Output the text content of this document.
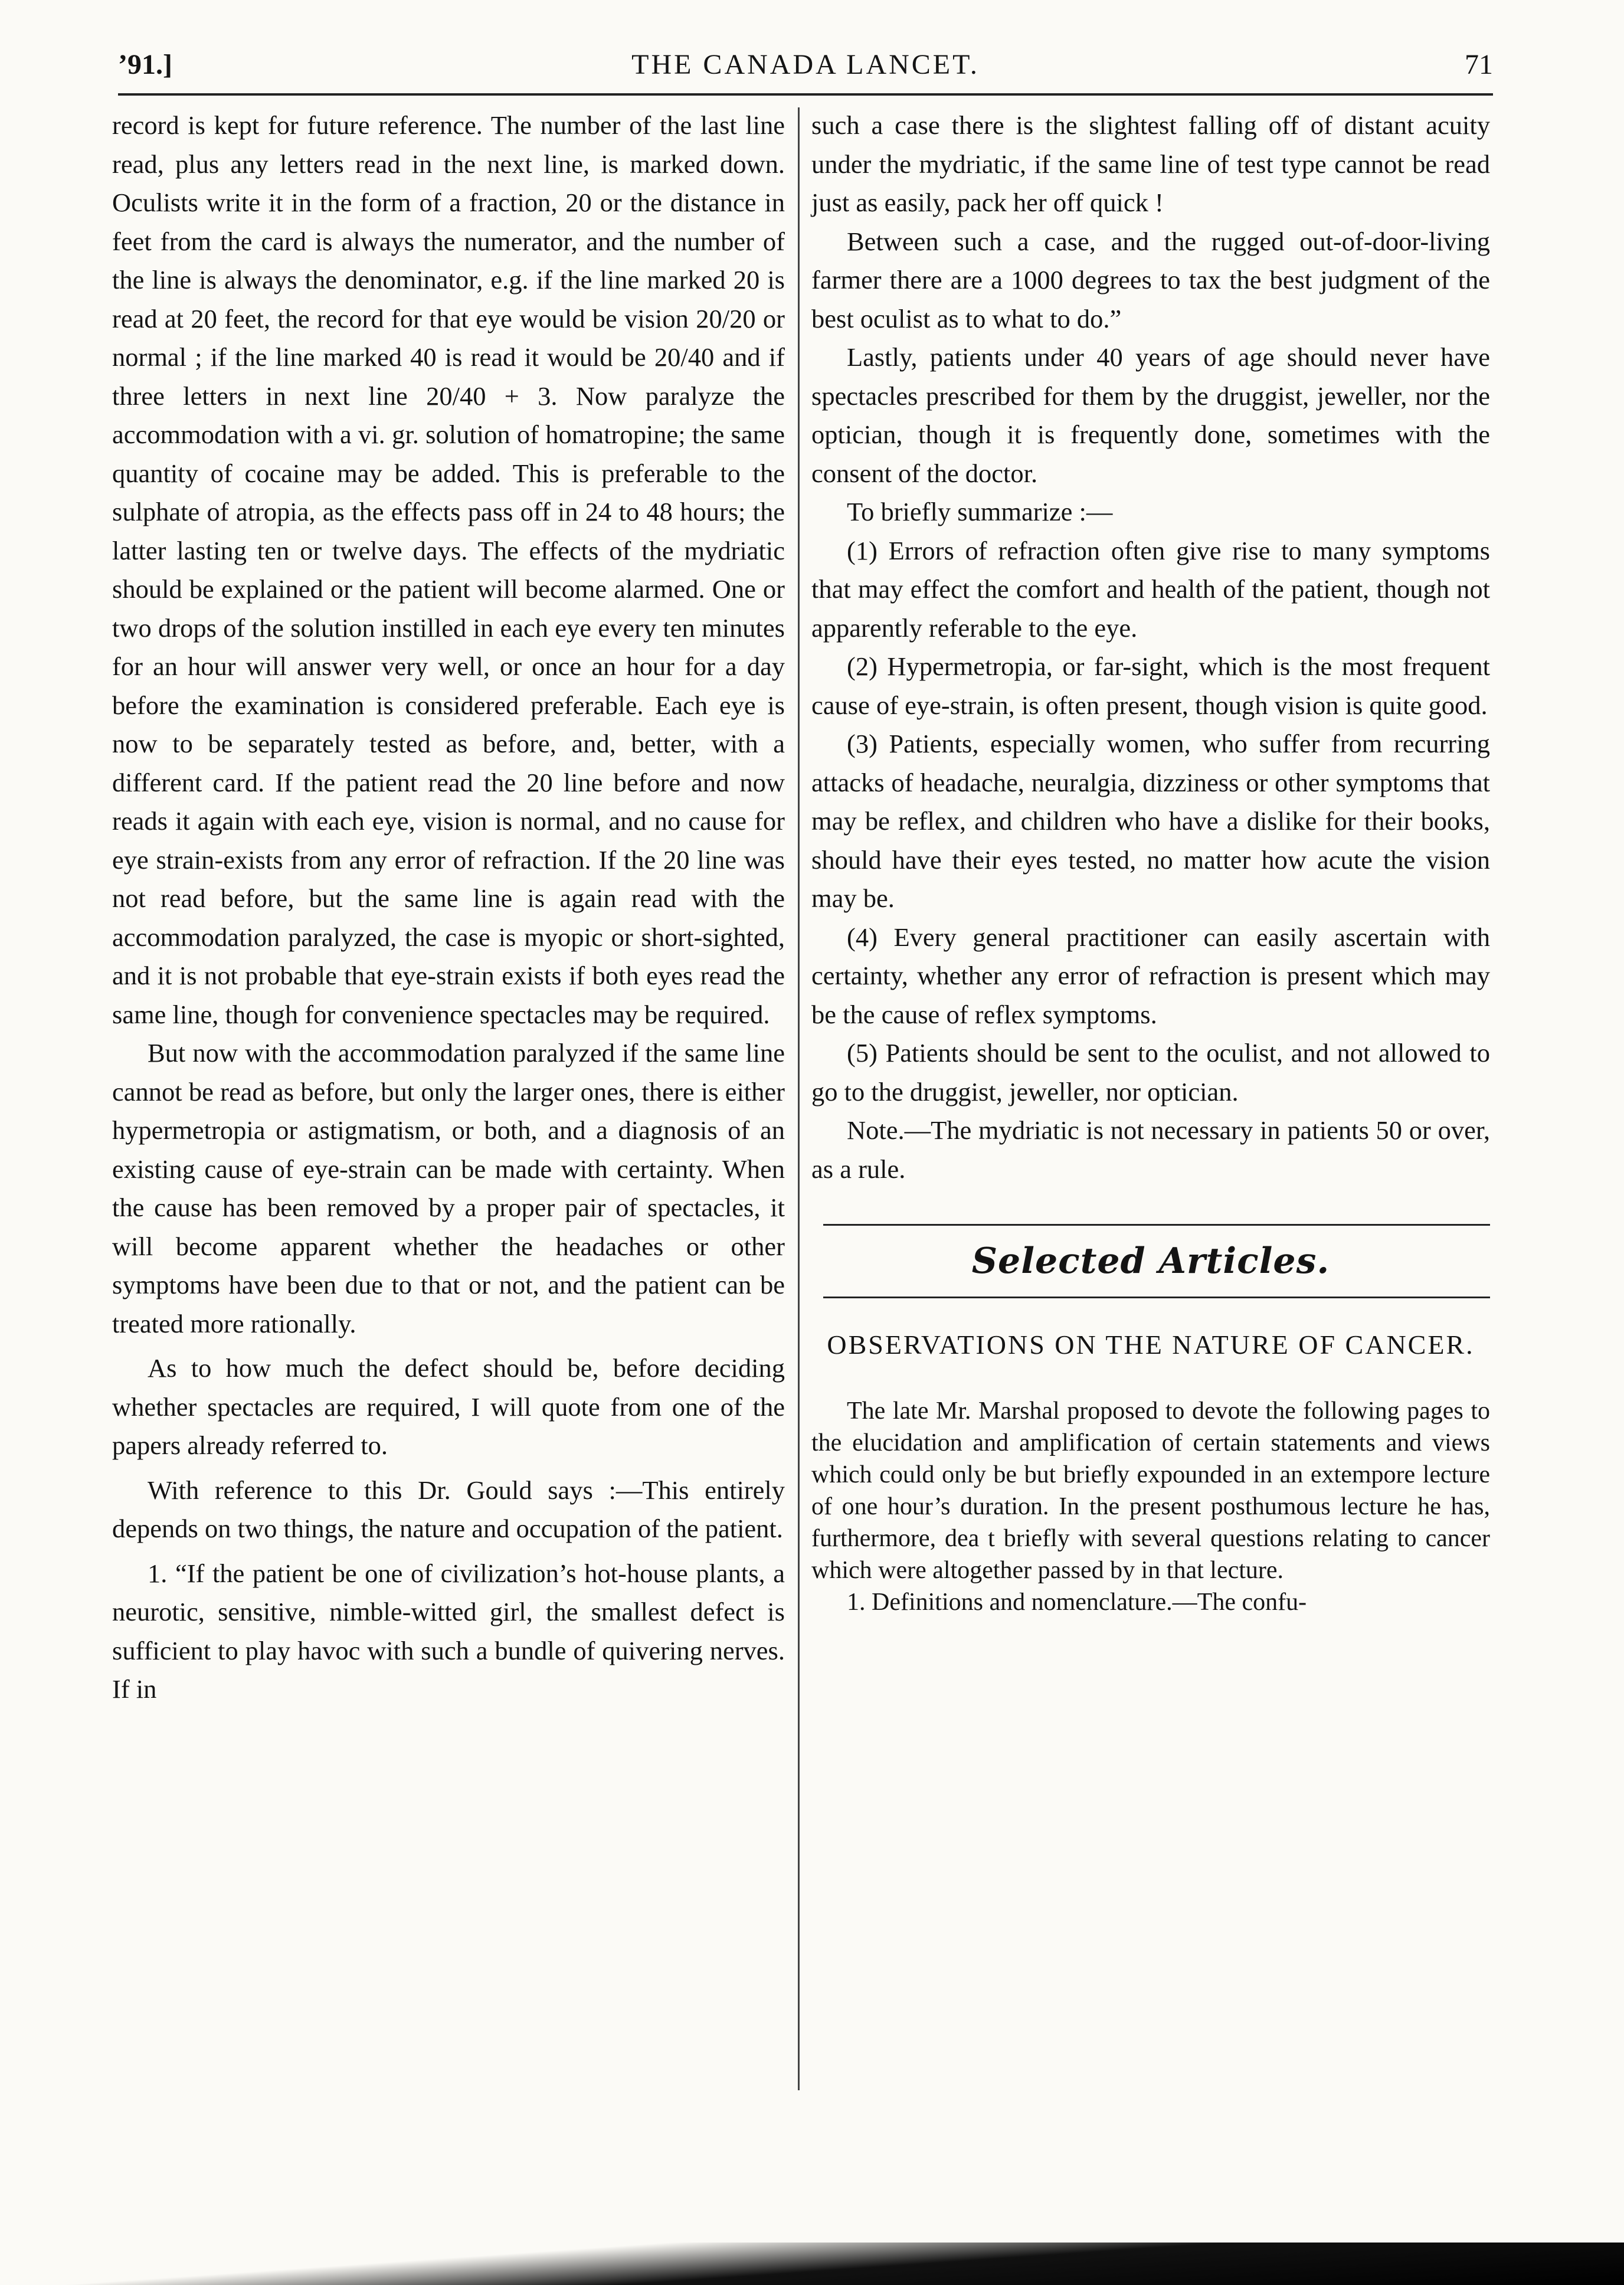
’91.]	THE CANADA LANCET.	71

record is kept for future reference. The number of the last line read, plus any letters read in the next line, is marked down. Oculists write it in the form of a fraction, 20 or the distance in feet from the card is always the numerator, and the number of the line is always the denominator, e.g. if the line marked 20 is read at 20 feet, the record for that eye would be vision 20/20 or normal ; if the line marked 40 is read it would be 20/40 and if three letters in next line 20/40 + 3. Now paralyze the accommodation with a vi. gr. solution of homatropine; the same quantity of cocaine may be added. This is preferable to the sulphate of atropia, as the effects pass off in 24 to 48 hours; the latter lasting ten or twelve days. The effects of the mydriatic should be explained or the patient will become alarmed. One or two drops of the solution instilled in each eye every ten minutes for an hour will answer very well, or once an hour for a day before the examination is considered preferable. Each eye is now to be separately tested as before, and, better, with a different card. If the patient read the 20 line before and now reads it again with each eye, vision is normal, and no cause for eye strain-exists from any error of refraction. If the 20 line was not read before, but the same line is again read with the accommodation paralyzed, the case is myopic or short-sighted, and it is not probable that eye-strain exists if both eyes read the same line, though for convenience spectacles may be required.

But now with the accommodation paralyzed if the same line cannot be read as before, but only the larger ones, there is either hypermetropia or astigmatism, or both, and a diagnosis of an existing cause of eye-strain can be made with certainty. When the cause has been removed by a proper pair of spectacles, it will become apparent whether the headaches or other symptoms have been due to that or not, and the patient can be treated more rationally.

As to how much the defect should be, before deciding whether spectacles are required, I will quote from one of the papers already referred to.

With reference to this Dr. Gould says :—This entirely depends on two things, the nature and occupation of the patient.

1. “If the patient be one of civilization’s hot-house plants, a neurotic, sensitive, nimble-witted girl, the smallest defect is sufficient to play havoc with such a bundle of quivering nerves. If in

such a case there is the slightest falling off of distant acuity under the mydriatic, if the same line of test type cannot be read just as easily, pack her off quick !

Between such a case, and the rugged out-of-door-living farmer there are a 1000 degrees to tax the best judgment of the best oculist as to what to do.”

Lastly, patients under 40 years of age should never have spectacles prescribed for them by the druggist, jeweller, nor the optician, though it is frequently done, sometimes with the consent of the doctor.

To briefly summarize :—

(1) Errors of refraction often give rise to many symptoms that may effect the comfort and health of the patient, though not apparently referable to the eye.

(2) Hypermetropia, or far-sight, which is the most frequent cause of eye-strain, is often present, though vision is quite good.

(3) Patients, especially women, who suffer from recurring attacks of headache, neuralgia, dizziness or other symptoms that may be reflex, and children who have a dislike for their books, should have their eyes tested, no matter how acute the vision may be.

(4) Every general practitioner can easily ascertain with certainty, whether any error of refraction is present which may be the cause of reflex symptoms.

(5) Patients should be sent to the oculist, and not allowed to go to the druggist, jeweller, nor optician.

Note.—The mydriatic is not necessary in patients 50 or over, as a rule.

Selected Articles.
OBSERVATIONS ON THE NATURE OF CANCER.

The late Mr. Marshal proposed to devote the following pages to the elucidation and amplification of certain statements and views which could only be but briefly expounded in an extempore lecture of one hour’s duration. In the present posthumous lecture he has, furthermore, dea t briefly with several questions relating to cancer which were altogether passed by in that lecture.

1. Definitions and nomenclature.—The confu-
